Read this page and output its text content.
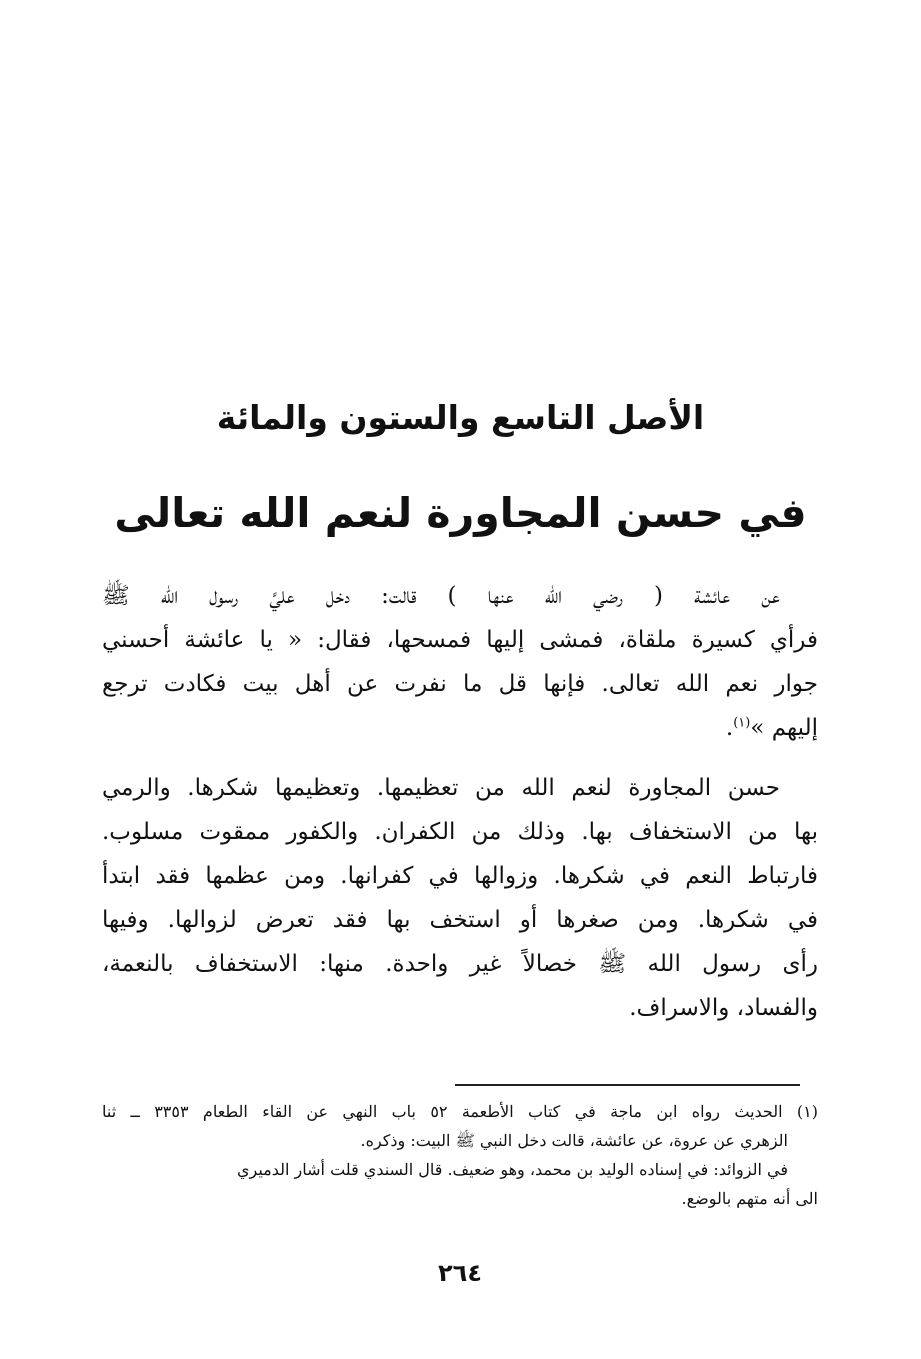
الأصل التاسع والستون والمائة
في حسن المجاورة لنعم الله تعالى
عن عائشة ( رضي الله عنها ) قالت: دخل عليَّ رسول الله ﷺ
فرأي كسيرة ملقاة، فمشى إليها فمسحها، فقال: « يا عائشة أحسني
جوار نعم الله تعالى. فإنها قل ما نفرت عن أهل بيت فكادت ترجع
إليهم »$^{(١)}$.
حسن المجاورة لنعم الله من تعظيمها. وتعظيمها شكرها. والرمي
بها من الاستخفاف بها. وذلك من الكفران. والكفور ممقوت مسلوب.
فارتباط النعم في شكرها. وزوالها في كفرانها. ومن عظمها فقد ابتدأ
في شكرها. ومن صغرها أو استخف بها فقد تعرض لزوالها. وفيها
رأى رسول الله ﷺ خصالاً غير واحدة. منها: الاستخفاف بالنعمة،
والفساد، والاسراف.
(١) الحديث رواه ابن ماجة في كتاب الأطعمة ٥٢ باب النهي عن القاء الطعام ٣٣٥٣ ــ ثنا
الزهري عن عروة، عن عائشة، قالت دخل النبي ﷺ البيت: وذكره.
في الزوائد: في إسناده الوليد بن محمد، وهو ضعيف. قال السندي قلت أشار الدميري
الى أنه متهم بالوضع.
٢٦٤
